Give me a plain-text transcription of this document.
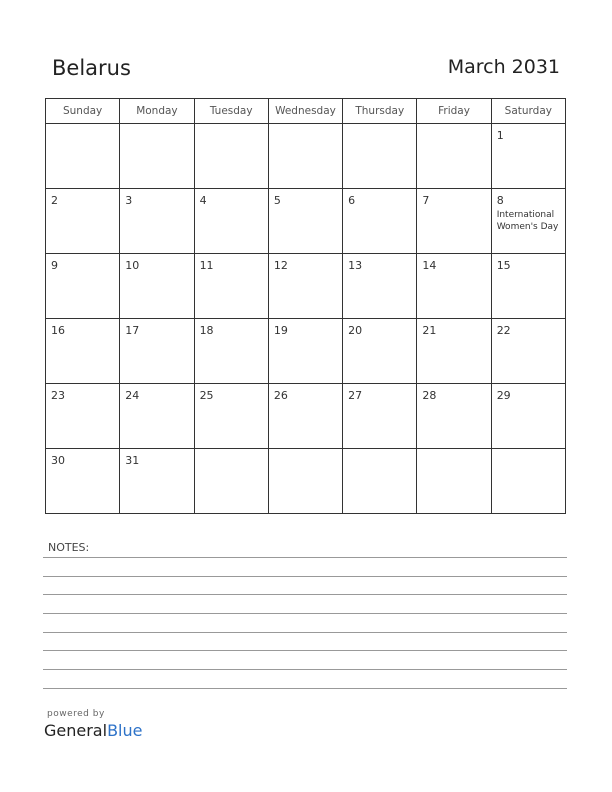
Belarus	March 2031
Sunday	Monday	Tuesday	Wednesday	Thursday	Friday	Saturday

						1

2	3	4	5	6	7	8
International Women's Day

9	10	11	12	13	14	15

16	17	18	19	20	21	22

23	24	25	26	27	28	29

30	31					

NOTES:
powered by
GeneralBlue
